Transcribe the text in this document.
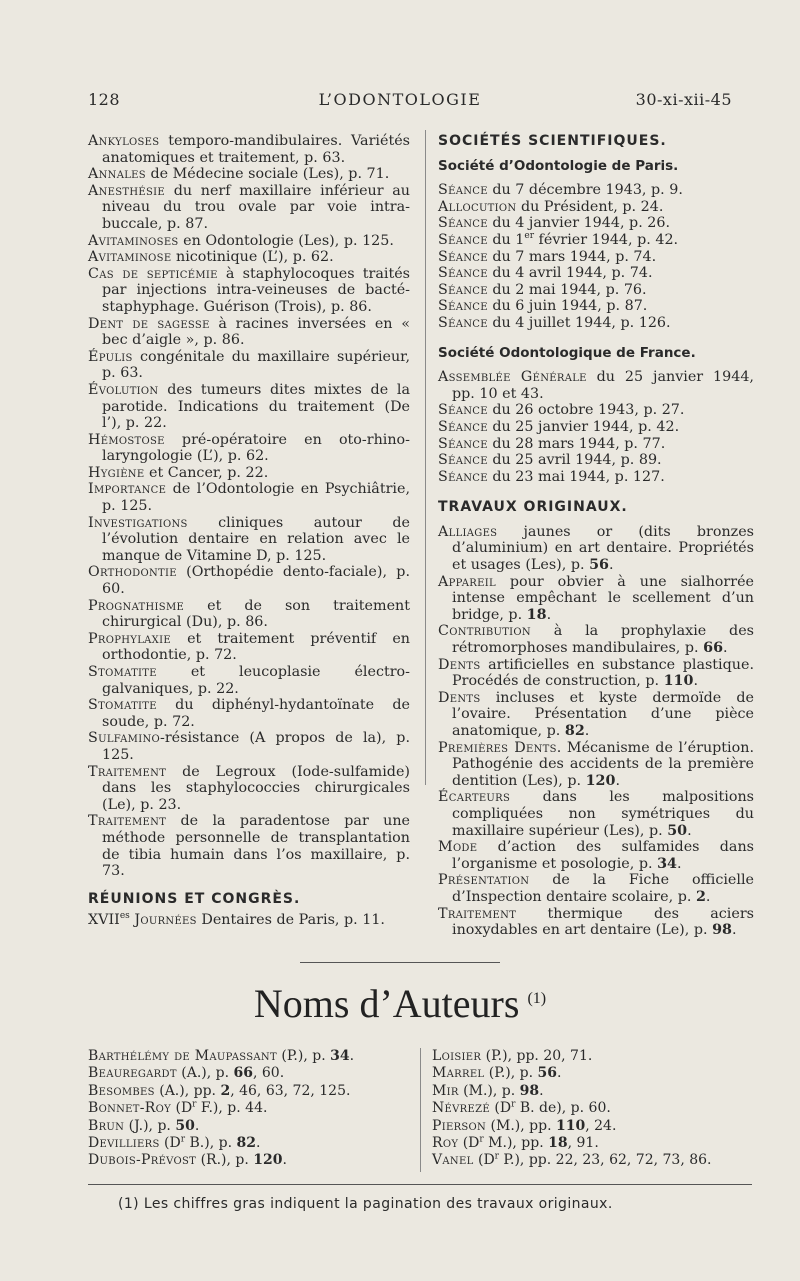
128	L’ODONTOLOGIE	30-xi-xii-45

Ankyloses temporo-mandibulaires. Variétés anatomiques et traitement, p. 63.

Annales de Médecine sociale (Les), p. 71.

Anesthésie du nerf maxillaire inférieur au niveau du trou ovale par voie intra-buccale, p. 87.

Avitaminoses en Odontologie (Les), p. 125.

Avitaminose nicotinique (L’), p. 62.

Cas de septicémie à staphylocoques traités par injections intra-veineuses de bacté-staphyphage. Guérison (Trois), p. 86.

Dent de sagesse à racines inversées en « bec d’aigle », p. 86.

Épulis congénitale du maxillaire supérieur, p. 63.

Évolution des tumeurs dites mixtes de la parotide. Indications du traitement (De l’), p. 22.

Hémostose pré-opératoire en oto-rhino-laryngologie (L’), p. 62.

Hygiène et Cancer, p. 22.

Importance de l’Odontologie en Psychiâtrie, p. 125.

Investigations cliniques autour de l’évolution dentaire en relation avec le manque de Vitamine D, p. 125.

Orthodontie (Orthopédie dento-faciale), p. 60.

Prognathisme et de son traitement chirurgical (Du), p. 86.

Prophylaxie et traitement préventif en orthodontie, p. 72.

Stomatite et leucoplasie électro-galvaniques, p. 22.

Stomatite du diphényl-hydantoïnate de soude, p. 72.

Sulfamino-résistance (A propos de la), p. 125.

Traitement de Legroux (Iode-sulfamide) dans les staphylococcies chirurgicales (Le), p. 23.

Traitement de la paradentose par une méthode personnelle de transplantation de tibia humain dans l’os maxillaire, p. 73.

RÉUNIONS ET CONGRÈS.

$XVII^{es}$ Journées Dentaires de Paris, p. 11.

SOCIÉTÉS SCIENTIFIQUES.

Société d’Odontologie de Paris.

Séance du 7 décembre 1943, p. 9.

Allocution du Président, p. 24.

Séance du 4 janvier 1944, p. 26.

Séance du 1er février 1944, p. 42.

Séance du 7 mars 1944, p. 74.

Séance du 4 avril 1944, p. 74.

Séance du 2 mai 1944, p. 76.

Séance du 6 juin 1944, p. 87.

Séance du 4 juillet 1944, p. 126.

Société Odontologique de France.

Assemblée Générale du 25 janvier 1944, pp. 10 et 43.

Séance du 26 octobre 1943, p. 27.

Séance du 25 janvier 1944, p. 42.

Séance du 28 mars 1944, p. 77.

Séance du 25 avril 1944, p. 89.

Séance du 23 mai 1944, p. 127.

TRAVAUX ORIGINAUX.

Alliages jaunes or (dits bronzes d’aluminium) en art dentaire. Propriétés et usages (Les), p. 56.

Appareil pour obvier à une sialhorrée intense empêchant le scellement d’un bridge, p. 18.

Contribution à la prophylaxie des rétromorphoses mandibulaires, p. 66.

Dents artificielles en substance plastique. Procédés de construction, p. 110.

Dents incluses et kyste dermoïde de l’ovaire. Présentation d’une pièce anatomique, p. 82.

Premières Dents. Mécanisme de l’éruption. Pathogénie des accidents de la première dentition (Les), p. 120.

Écarteurs dans les malpositions compliquées non symétriques du maxillaire supérieur (Les), p. 50.

Mode d’action des sulfamides dans l’organisme et posologie, p. 34.

Présentation de la Fiche officielle d’Inspection dentaire scolaire, p. 2.

Traitement thermique des aciers inoxydables en art dentaire (Le), p. 98.

Noms d’Auteurs $^{(1)}$

Barthélémy de Maupassant (P.), p. 34.

Beauregardt (A.), p. 66, 60.

Besombes (A.), pp. 2, 46, 63, 72, 125.

Bonnet-Roy ($D^r$ F.), p. 44.

Brun (J.), p. 50.

Devilliers ($D^r$ B.), p. 82.

Dubois-Prévost (R.), p. 120.

Loisier (P.), pp. 20, 71.

Marrel (P.), p. 56.

Mir (M.), p. 98.

Névrezé ($D^r$ B. de), p. 60.

Pierson (M.), pp. 110, 24.

Roy ($D^r$ M.), pp. 18, 91.

Vanel ($D^r$ P.), pp. 22, 23, 62, 72, 73, 86.

(1) Les chiffres gras indiquent la pagination des travaux originaux.
